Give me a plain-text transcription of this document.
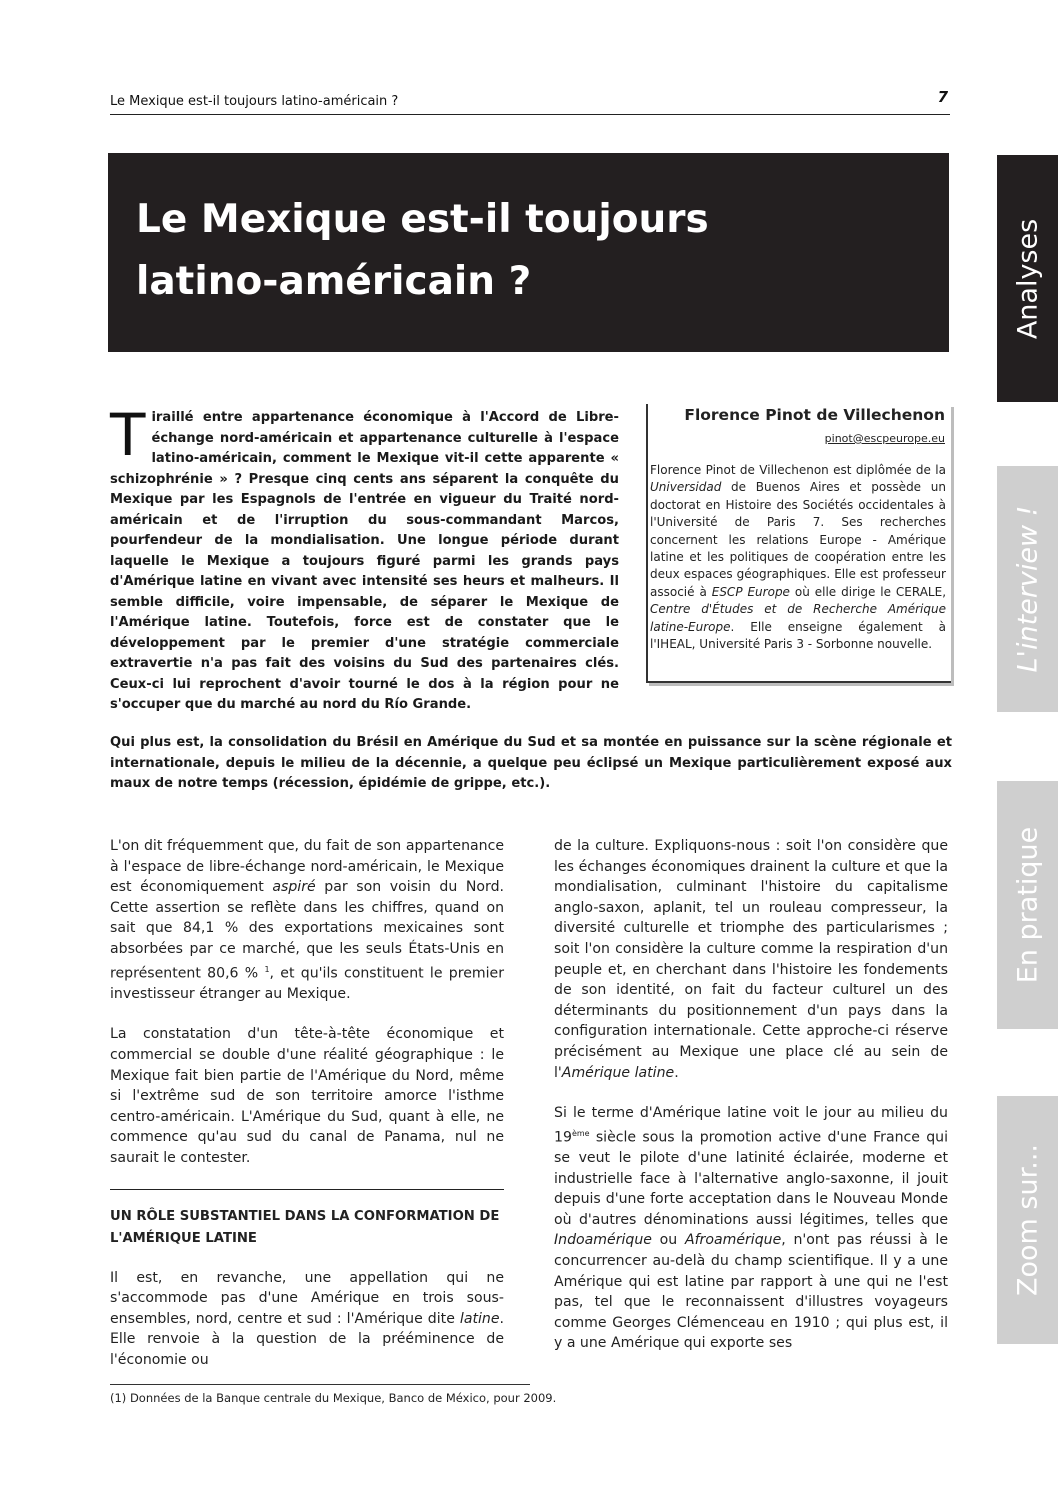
Le Mexique est-il toujours latino-américain ?	7
Le Mexique est-il toujours
latino-américain ?	Analyses
L'interview !
En pratique
Zoom sur...
Tiraillé entre appartenance économique à l'Accord de Libre-échange nord-américain et appartenance culturelle à l'espace latino-américain, comment le Mexique vit-il cette apparente « schizophrénie » ? Presque cinq cents ans séparent la conquête du Mexique par les Espagnols de l'entrée en vigueur du Traité nord-américain et de l'irruption du sous-commandant Marcos, pourfendeur de la mondialisation. Une longue période durant laquelle le Mexique a toujours figuré parmi les grands pays d'Amérique latine en vivant avec intensité ses heurs et malheurs. Il semble difficile, voire impensable, de séparer le Mexique de l'Amérique latine. Toutefois, force est de constater que le développement par le premier d'une stratégie commerciale extravertie n'a pas fait des voisins du Sud des partenaires clés. Ceux-ci lui reprochent d'avoir tourné le dos à la région pour ne s'occuper que du marché au nord du Río Grande.
Florence Pinot de Villechenon
pinot@escpeurope.eu
Florence Pinot de Villechenon est diplômée de la Universidad de Buenos Aires et possède un doctorat en Histoire des Sociétés occidentales à l'Université de Paris 7. Ses recherches concernent les relations Europe - Amérique latine et les politiques de coopération entre les deux espaces géographiques. Elle est professeur associé à ESCP Europe où elle dirige le CERALE, Centre d'Études et de Recherche Amérique latine-Europe. Elle enseigne également à l'IHEAL, Université Paris 3 - Sorbonne nouvelle.
Qui plus est, la consolidation du Brésil en Amérique du Sud et sa montée en puissance sur la scène régionale et internationale, depuis le milieu de la décennie, a quelque peu éclipsé un Mexique particulièrement exposé aux maux de notre temps (récession, épidémie de grippe, etc.).

L'on dit fréquemment que, du fait de son appartenance à l'espace de libre-échange nord-américain, le Mexique est économiquement aspiré par son voisin du Nord. Cette assertion se reflète dans les chiffres, quand on sait que 84,1 % des exportations mexicaines sont absorbées par ce marché, que les seuls États-Unis en représentent 80,6 % $^1$, et qu'ils constituent le premier investisseur étranger au Mexique.

La constatation d'un tête-à-tête économique et commercial se double d'une réalité géographique : le Mexique fait bien partie de l'Amérique du Nord, même si l'extrême sud de son territoire amorce l'isthme centro-américain. L'Amérique du Sud, quant à elle, ne commence qu'au sud du canal de Panama, nul ne saurait le contester.

UN RÔLE SUBSTANTIEL DANS LA CONFORMATION DE L'AMÉRIQUE LATINE

Il est, en revanche, une appellation qui ne s'accommode pas d'une Amérique en trois sous-ensembles, nord, centre et sud : l'Amérique dite latine. Elle renvoie à la question de la prééminence de l'économie ou

de la culture. Expliquons-nous : soit l'on considère que les échanges économiques drainent la culture et que la mondialisation, culminant l'histoire du capitalisme anglo-saxon, aplanit, tel un rouleau compresseur, la diversité culturelle et triomphe des particularismes ; soit l'on considère la culture comme la respiration d'un peuple et, en cherchant dans l'histoire les fondements de son identité, on fait du facteur culturel un des déterminants du positionnement d'un pays dans la configuration internationale. Cette approche-ci réserve précisément au Mexique une place clé au sein de l'Amérique latine.

Si le terme d'Amérique latine voit le jour au milieu du 19ème siècle sous la promotion active d'une France qui se veut le pilote d'une latinité éclairée, moderne et industrielle face à l'alternative anglo-saxonne, il jouit depuis d'une forte acceptation dans le Nouveau Monde où d'autres dénominations aussi légitimes, telles que Indoamérique ou Afroamérique, n'ont pas réussi à le concurrencer au-delà du champ scientifique. Il y a une Amérique qui est latine par rapport à une qui ne l'est pas, tel que le reconnaissent d'illustres voyageurs comme Georges Clémenceau en 1910 ; qui plus est, il y a une Amérique qui exporte ses

(1) Données de la Banque centrale du Mexique, Banco de México, pour 2009.
